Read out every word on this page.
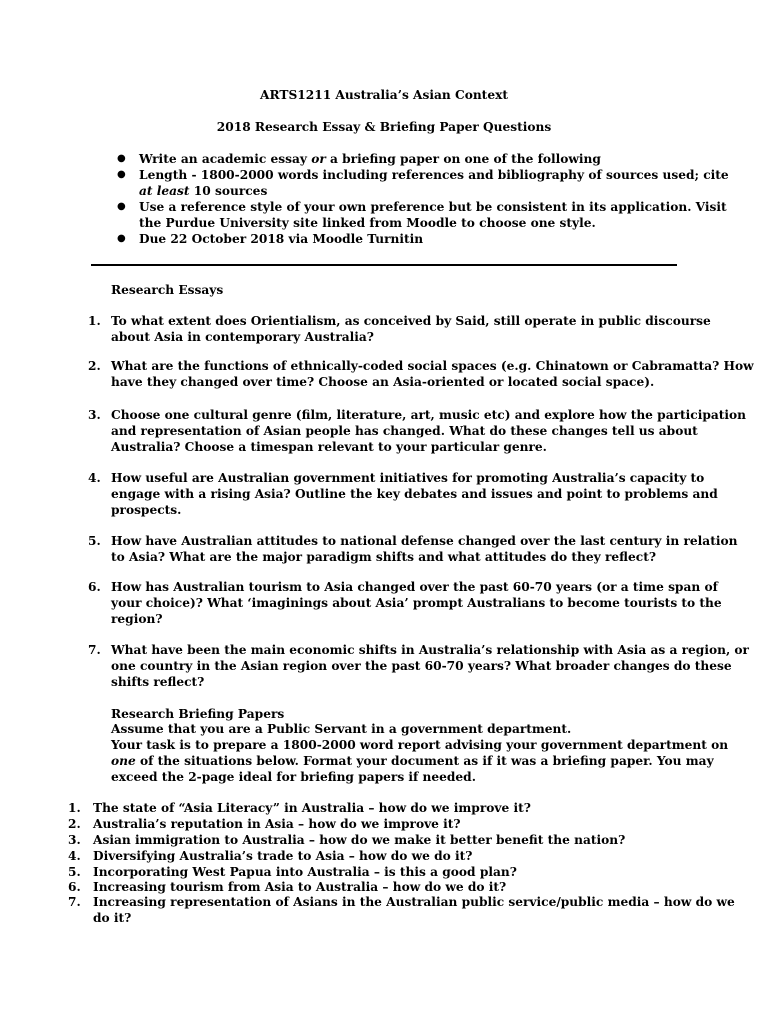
ARTS1211 Australia’s Asian Context
2018 Research Essay & Briefing Paper Questions
● Write an academic essay or a briefing paper on one of the following
● Length - 1800-2000 words including references and bibliography of sources used; cite
at least 10 sources
● Use a reference style of your own preference but be consistent in its application. Visit
the Purdue University site linked from Moodle to choose one style.
● Due 22 October 2018 via Moodle Turnitin
Research Essays
1. To what extent does Orientialism, as conceived by Said, still operate in public discourse
about Asia in contemporary Australia?
2. What are the functions of ethnically-coded social spaces (e.g. Chinatown or Cabramatta? How
have they changed over time? Choose an Asia-oriented or located social space).
3. Choose one cultural genre (film, literature, art, music etc) and explore how the participation
and representation of Asian people has changed. What do these changes tell us about
Australia? Choose a timespan relevant to your particular genre.
4. How useful are Australian government initiatives for promoting Australia’s capacity to
engage with a rising Asia? Outline the key debates and issues and point to problems and
prospects.
5. How have Australian attitudes to national defense changed over the last century in relation
to Asia? What are the major paradigm shifts and what attitudes do they reflect?
6. How has Australian tourism to Asia changed over the past 60-70 years (or a time span of
your choice)? What ‘imaginings about Asia’ prompt Australians to become tourists to the
region?
7. What have been the main economic shifts in Australia’s relationship with Asia as a region, or
one country in the Asian region over the past 60-70 years? What broader changes do these
shifts reflect?
Research Briefing Papers
Assume that you are a Public Servant in a government department.
Your task is to prepare a 1800-2000 word report advising your government department on
one of the situations below. Format your document as if it was a briefing paper. You may
exceed the 2-page ideal for briefing papers if needed.
1. The state of “Asia Literacy” in Australia – how do we improve it?
2. Australia’s reputation in Asia – how do we improve it?
3. Asian immigration to Australia – how do we make it better benefit the nation?
4. Diversifying Australia’s trade to Asia – how do we do it?
5. Incorporating West Papua into Australia – is this a good plan?
6. Increasing tourism from Asia to Australia – how do we do it?
7. Increasing representation of Asians in the Australian public service/public media – how do we
do it?
